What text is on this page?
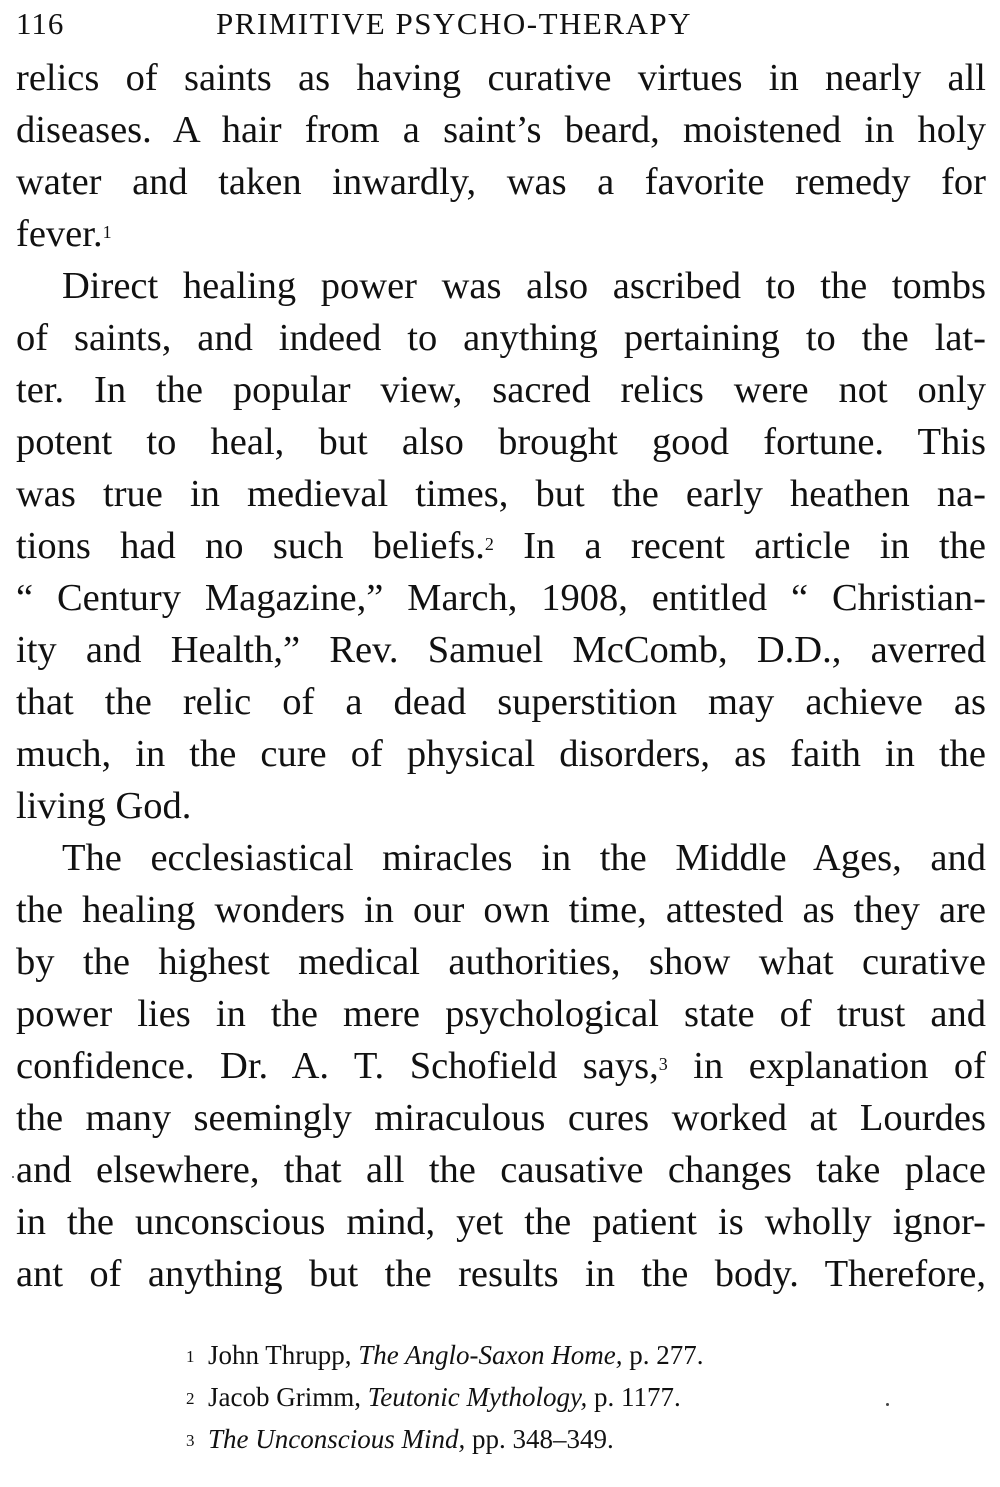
116	PRIMITIVE PSYCHO-THERAPY

relics of saints as having curative virtues in nearly all
diseases. A hair from a saint’s beard, moistened in holy
water and taken inwardly, was a favorite remedy for
fever.$^1$

Direct healing power was also ascribed to the tombs
of saints, and indeed to anything pertaining to the lat-
ter. In the popular view, sacred relics were not only
potent to heal, but also brought good fortune. This
was true in medieval times, but the early heathen na-
tions had no such beliefs.$^2$ In a recent article in the
“ Century Magazine,” March, 1908, entitled “ Christian-
ity and Health,” Rev. Samuel McComb, D.D., averred
that the relic of a dead superstition may achieve as
much, in the cure of physical disorders, as faith in the
living God.

The ecclesiastical miracles in the Middle Ages, and
the healing wonders in our own time, attested as they are
by the highest medical authorities, show what curative
power lies in the mere psychological state of trust and
confidence. Dr. A. T. Schofield says,$^3$ in explanation of
the many seemingly miraculous cures worked at Lourdes
and elsewhere, that all the causative changes take place
in the unconscious mind, yet the patient is wholly ignor-
ant of anything but the results in the body. Therefore,

1 John Thrupp, The Anglo-Saxon Home, p. 277.
2 Jacob Grimm, Teutonic Mythology, p. 1177.
3 The Unconscious Mind, pp. 348–349.
